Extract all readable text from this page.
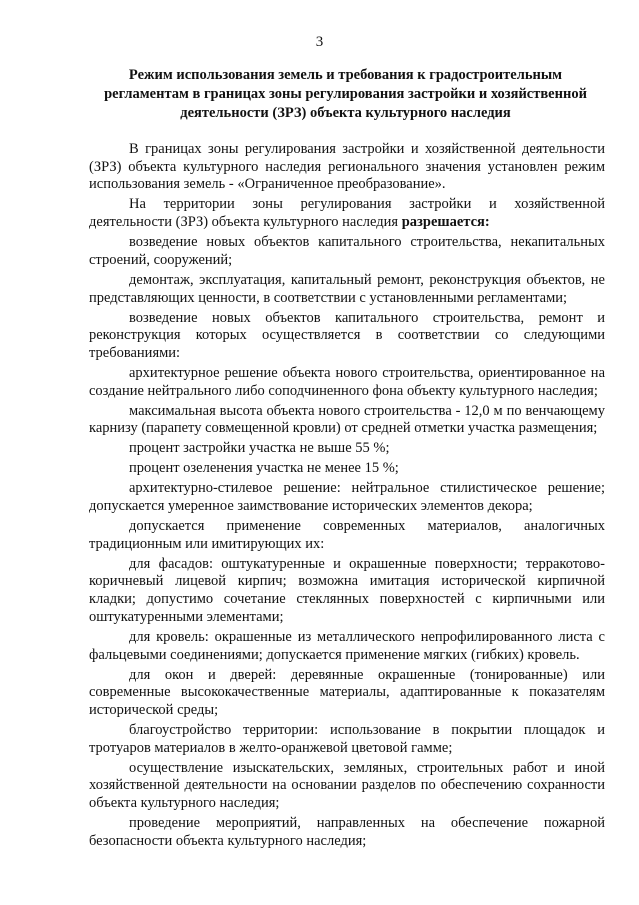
3
Режим использования земель и требования к градостроительным
регламентам в границах зоны регулирования застройки и хозяйственной
деятельности (ЗРЗ) объекта культурного наследия

В границах зоны регулирования застройки и хозяйственной деятельности (ЗРЗ) объекта культурного наследия регионального значения установлен режим использования земель - «Ограниченное преобразование».

На территории зоны регулирования застройки и хозяйственной деятельности (ЗРЗ) объекта культурного наследия разрешается:

возведение новых объектов капитального строительства, некапитальных строений, сооружений;

демонтаж, эксплуатация, капитальный ремонт, реконструкция объектов, не представляющих ценности, в соответствии с установленными регламентами;

возведение новых объектов капитального строительства, ремонт и реконструкция которых осуществляется в соответствии со следующими требованиями:

архитектурное решение объекта нового строительства, ориентированное на создание нейтрального либо соподчиненного фона объекту культурного наследия;

максимальная высота объекта нового строительства - 12,0 м по венчающему карнизу (парапету совмещенной кровли) от средней отметки участка размещения;

процент застройки участка не выше 55 %;

процент озеленения участка не менее 15 %;

архитектурно-стилевое решение: нейтральное стилистическое решение; допускается умеренное заимствование исторических элементов декора;

допускается применение современных материалов, аналогичных традиционным или имитирующих их:

для фасадов: оштукатуренные и окрашенные поверхности; терракотово-коричневый лицевой кирпич; возможна имитация исторической кирпичной кладки; допустимо сочетание стеклянных поверхностей с кирпичными или оштукатуренными элементами;

для кровель: окрашенные из металлического непрофилированного листа с фальцевыми соединениями; допускается применение мягких (гибких) кровель.

для окон и дверей: деревянные окрашенные (тонированные) или современные высококачественные материалы, адаптированные к показателям исторической среды;

благоустройство территории: использование в покрытии площадок и тротуаров материалов в желто-оранжевой цветовой гамме;

осуществление изыскательских, земляных, строительных работ и иной хозяйственной деятельности на основании разделов по обеспечению сохранности объекта культурного наследия;

проведение мероприятий, направленных на обеспечение пожарной безопасности объекта культурного наследия;
